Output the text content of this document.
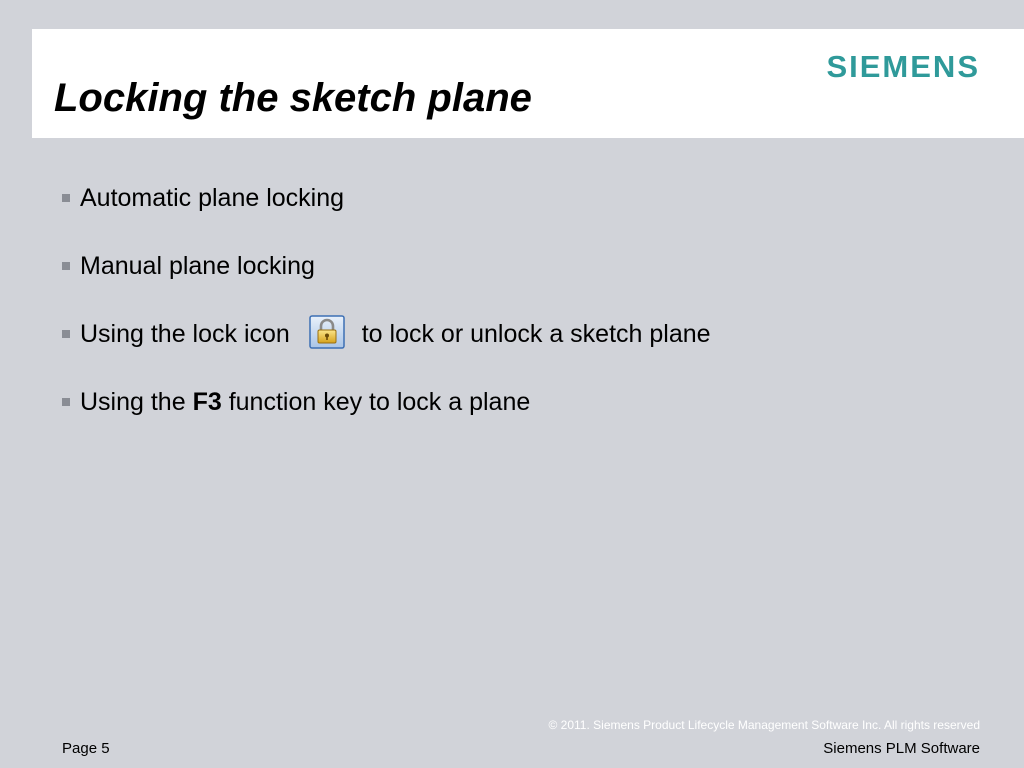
Locking the sketch plane
SIEMENS
Automatic plane locking
Manual plane locking
Using the lock icon	to lock or unlock a sketch plane
Using the F3 function key to lock a plane
© 2011. Siemens Product Lifecycle Management Software Inc. All rights reserved
Page 5	Siemens PLM Software
